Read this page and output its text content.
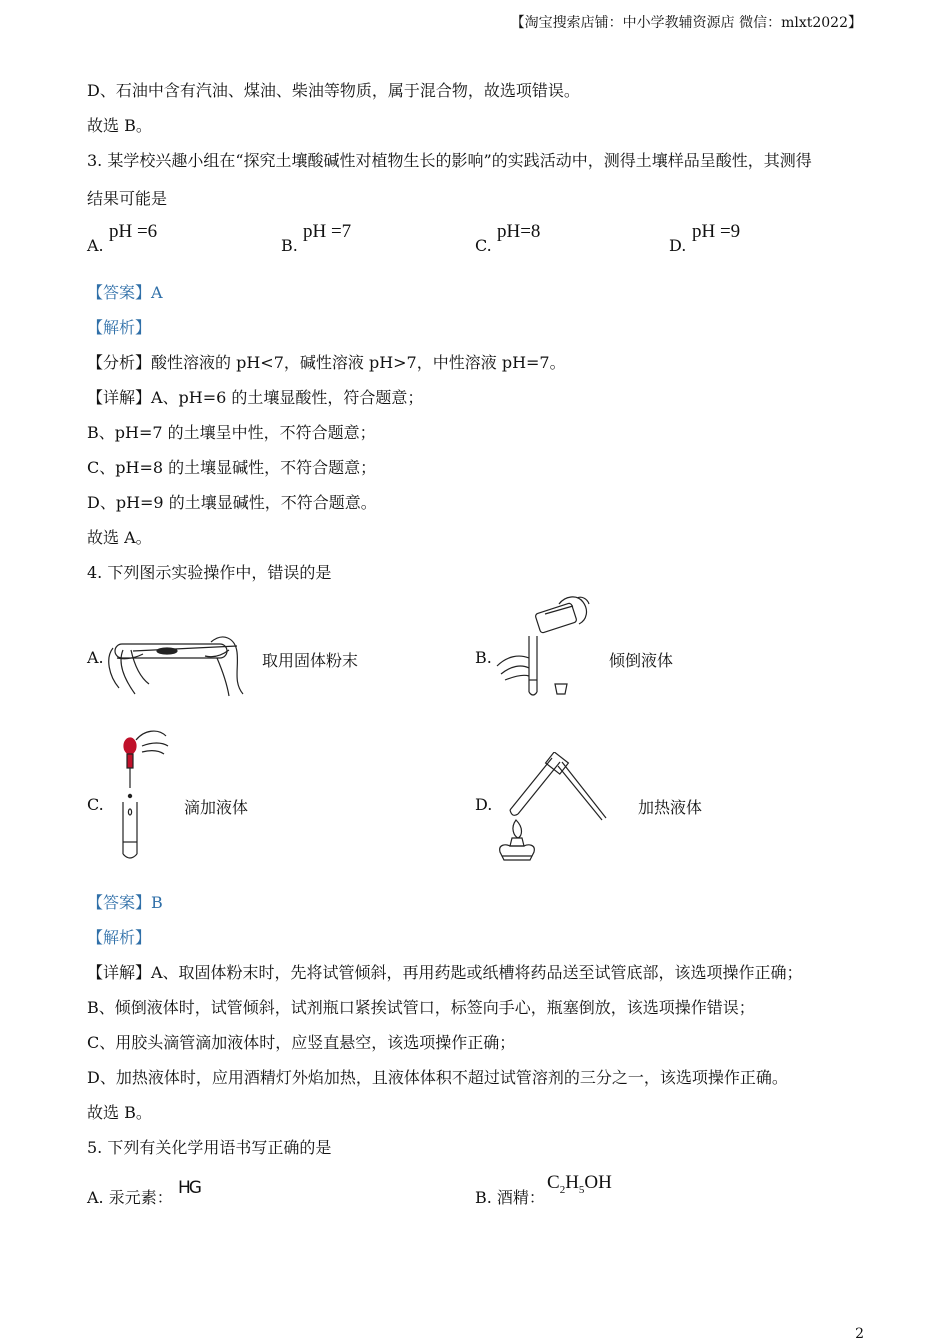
【淘宝搜索店铺：中小学教辅资源店 微信：mlxt2022】
D、石油中含有汽油、煤油、柴油等物质，属于混合物，故选项错误。
故选 B。
3. 某学校兴趣小组在“探究土壤酸碱性对植物生长的影响”的实践活动中，测得土壤样品呈酸性，其测得
结果可能是
A.
pH =6
B.
pH =7
C.
pH=8
D.
pH =9
【答案】A
【解析】
【分析】酸性溶液的 pH<7，碱性溶液 pH>7，中性溶液 pH=7。
【详解】A、pH=6 的土壤显酸性，符合题意；
B、pH=7 的土壤呈中性，不符合题意；
C、pH=8 的土壤显碱性，不符合题意；
D、pH=9 的土壤显碱性，不符合题意。
故选 A。
4. 下列图示实验操作中，错误的是
A.	取用固体粉末	B.	倾倒液体
C.	滴加液体	D.	加热液体
【答案】B
【解析】
【详解】A、取固体粉末时，先将试管倾斜，再用药匙或纸槽将药品送至试管底部，该选项操作正确；
B、倾倒液体时，试管倾斜，试剂瓶口紧挨试管口，标签向手心，瓶塞倒放，该选项操作错误；
C、用胶头滴管滴加液体时，应竖直悬空，该选项操作正确；
D、加热液体时，应用酒精灯外焰加热，且液体体积不超过试管溶剂的三分之一，该选项操作正确。
故选 B。
5. 下列有关化学用语书写正确的是
A. 汞元素： HG	B. 酒精：
$C_2H_5OH$
2
